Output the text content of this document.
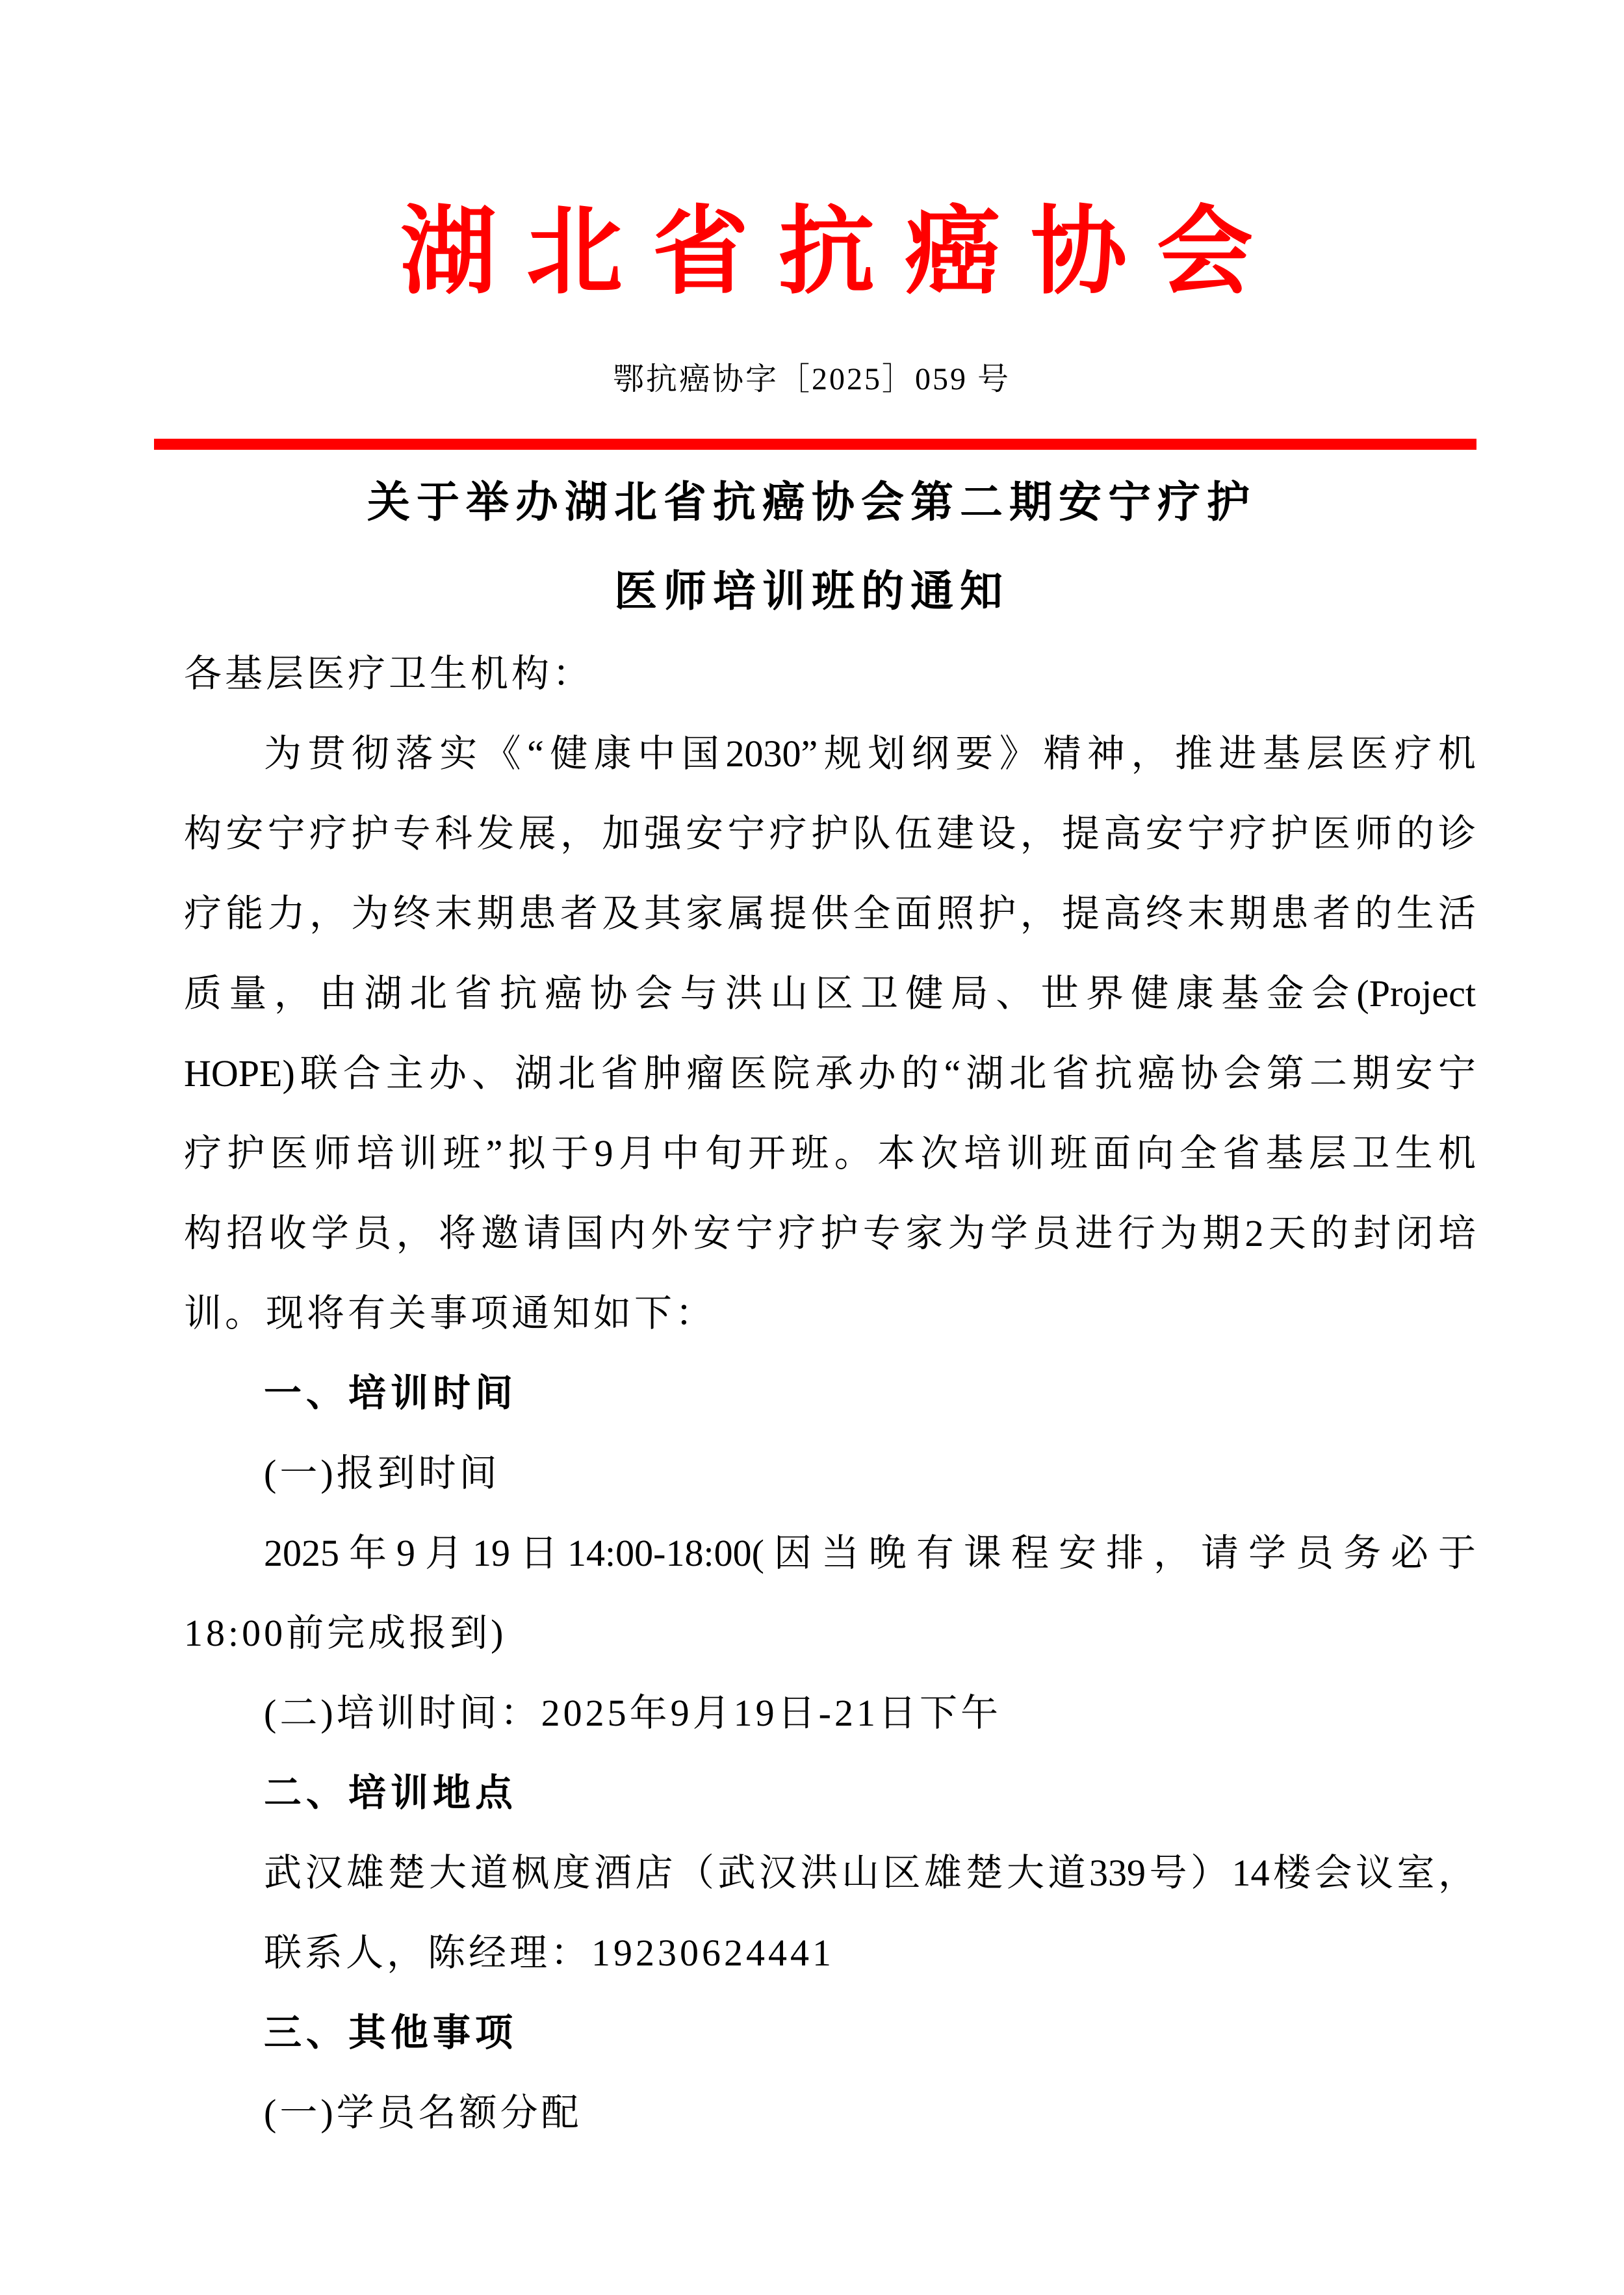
湖北省抗癌协会
鄂抗癌协字［2025］059 号
关于举办湖北省抗癌协会第二期安宁疗护
医师培训班的通知
各基层医疗卫生机构：
为贯彻落实《“健康中国2030”规划纲要》精神，推进基层医疗机
构安宁疗护专科发展，加强安宁疗护队伍建设，提高安宁疗护医师的诊
疗能力，为终末期患者及其家属提供全面照护，提高终末期患者的生活
质量，由湖北省抗癌协会与洪山区卫健局、世界健康基金会(Project
HOPE)联合主办、湖北省肿瘤医院承办的“湖北省抗癌协会第二期安宁
疗护医师培训班”拟于9月中旬开班。本次培训班面向全省基层卫生机
构招收学员，将邀请国内外安宁疗护专家为学员进行为期2天的封闭培
训。现将有关事项通知如下：
一、培训时间
(一)报到时间
2025年9月19日14:00-18:00(因当晚有课程安排，请学员务必于
18:00前完成报到)
(二)培训时间：2025年9月19日-21日下午
二、培训地点
武汉雄楚大道枫度酒店（武汉洪山区雄楚大道339号）14楼会议室，
联系人，陈经理：19230624441
三、其他事项
(一)学员名额分配
